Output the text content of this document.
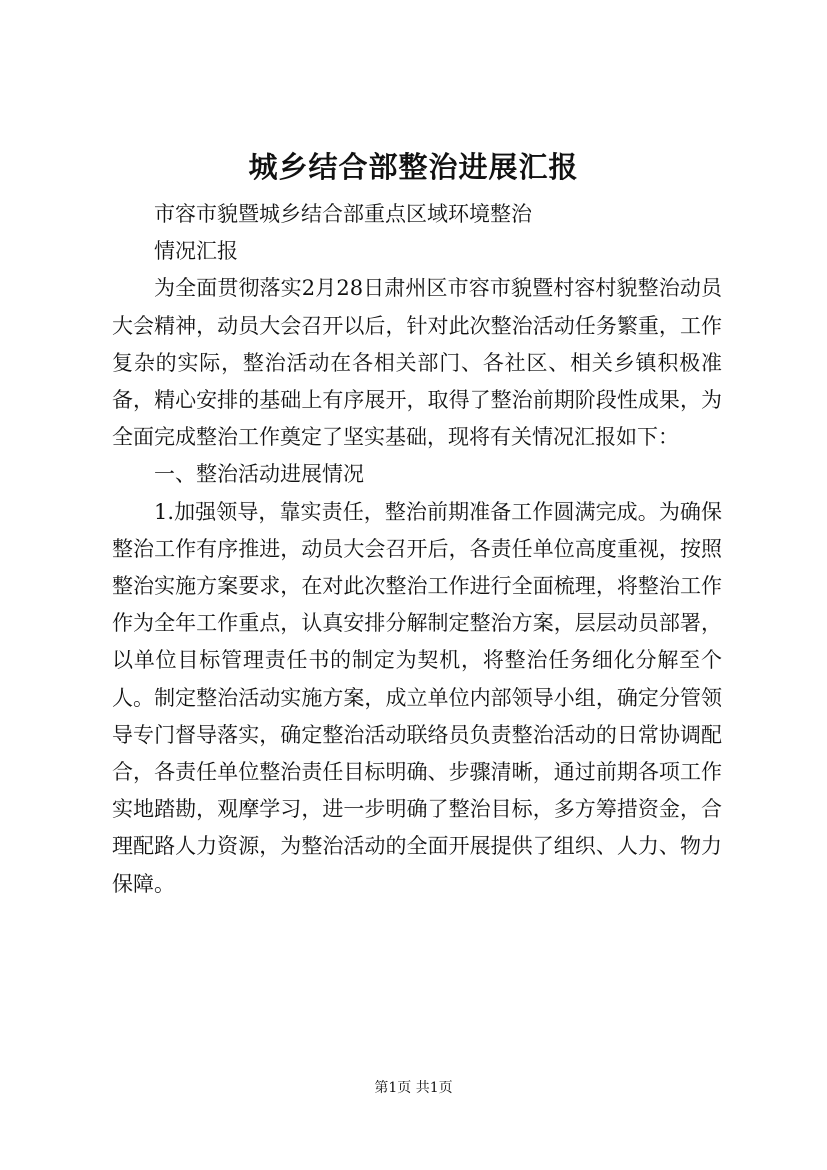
城乡结合部整治进展汇报

市容市貌暨城乡结合部重点区域环境整治

情况汇报

为全面贯彻落实2月28日肃州区市容市貌暨村容村貌整治动员大会精神，动员大会召开以后，针对此次整治活动任务繁重，工作复杂的实际，整治活动在各相关部门、各社区、相关乡镇积极准备，精心安排的基础上有序展开，取得了整治前期阶段性成果，为全面完成整治工作奠定了坚实基础，现将有关情况汇报如下：

一、整治活动进展情况

1.加强领导，靠实责任，整治前期准备工作圆满完成。为确保整治工作有序推进，动员大会召开后，各责任单位高度重视，按照整治实施方案要求，在对此次整治工作进行全面梳理，将整治工作作为全年工作重点，认真安排分解制定整治方案，层层动员部署，以单位目标管理责任书的制定为契机，将整治任务细化分解至个人。制定整治活动实施方案，成立单位内部领导小组，确定分管领导专门督导落实，确定整治活动联络员负责整治活动的日常协调配合，各责任单位整治责任目标明确、步骤清晰，通过前期各项工作实地踏勘，观摩学习，进一步明确了整治目标，多方筹措资金，合理配路人力资源，为整治活动的全面开展提供了组织、人力、物力保障。

第1页 共1页
